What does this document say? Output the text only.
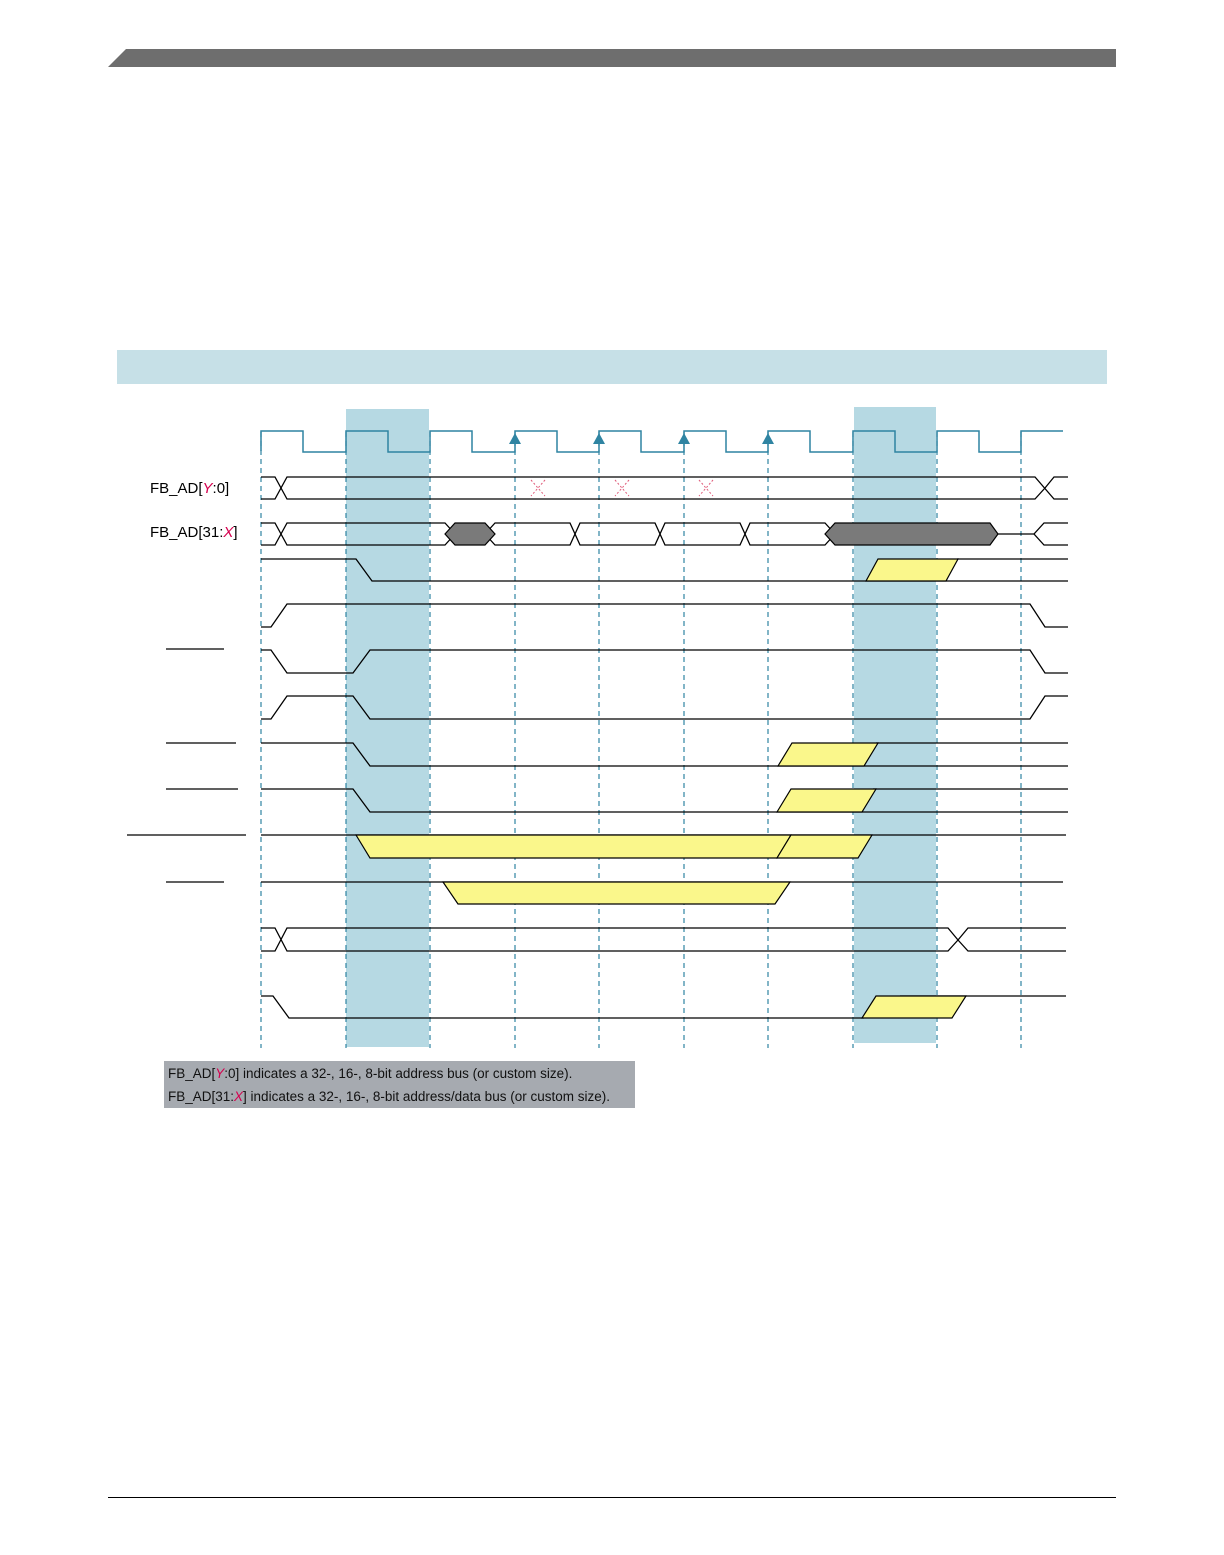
FB_AD[Y:0]
FB_AD[31:X]
FB_AD[Y:0] indicates a 32-, 16-, 8-bit address bus (or custom size).
FB_AD[31:X] indicates a 32-, 16-, 8-bit address/data bus (or custom size).
